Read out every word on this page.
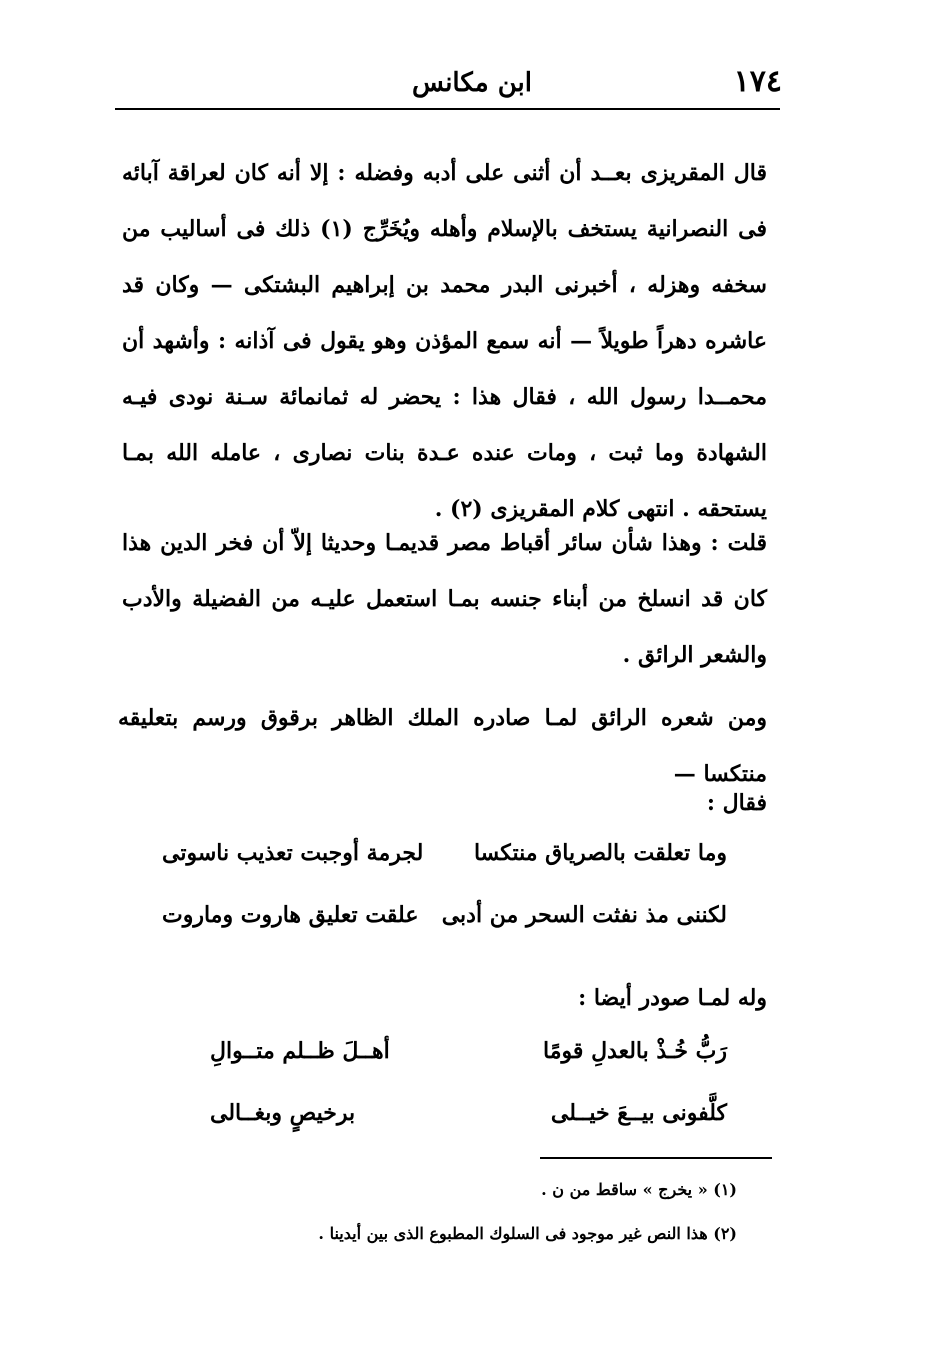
١٧٤
ابن مكانس
قال المقريزى بعــد أن أثنى على أدبه وفضله : إلا أنه كان لعراقة آبائه فى النصرانية يستخف بالإسلام وأهله ويُخَرِّج (١) ذلك فى أساليب من سخفه وهزله ، أخبرنى البدر محمد بن إبراهيم البشتكى — وكان قد عاشره دهراً طويلاً — أنه سمع المؤذن وهو يقول فى آذانه : وأشهد أن محمــدا رسول الله ، فقال هذا : يحضر له ثمانمائة سـنة نودى فيـه الشهادة وما ثبت ، ومات عنده عـدة بنات نصارى ، عامله الله بمـا يستحقه . انتهى كلام المقريزى (٢) .
قلت : وهذا شأن سائر أقباط مصر قديمـا وحديثا إلاّ أن فخر الدين هذا كان قد انسلخ من أبناء جنسه بمـا استعمل عليـه من الفضيلة والأدب والشعر الرائق .
ومن شعره الرائق لمـا صادره الملك الظاهر برقوق ورسم بتعليقه منتكسا —
فقال :
وما تعلقت بالصرياق منتكسا
لجرمة أوجبت تعذيب ناسوتى
لكننى مذ نفثت السحر من أدبى
علقت تعليق هاروت وماروت
وله لمـا صودر أيضا :
رَبُّ خُـذْ بالعدلِ قومًا
أهــلَ ظــلم متــوالِ
كلَّفونى بيــعَ خيــلى
برخيصٍ وبغــالى
(١) « يخرج » ساقط من ن .
(٢) هذا النص غير موجود فى السلوك المطبوع الذى بين أيدينا .
